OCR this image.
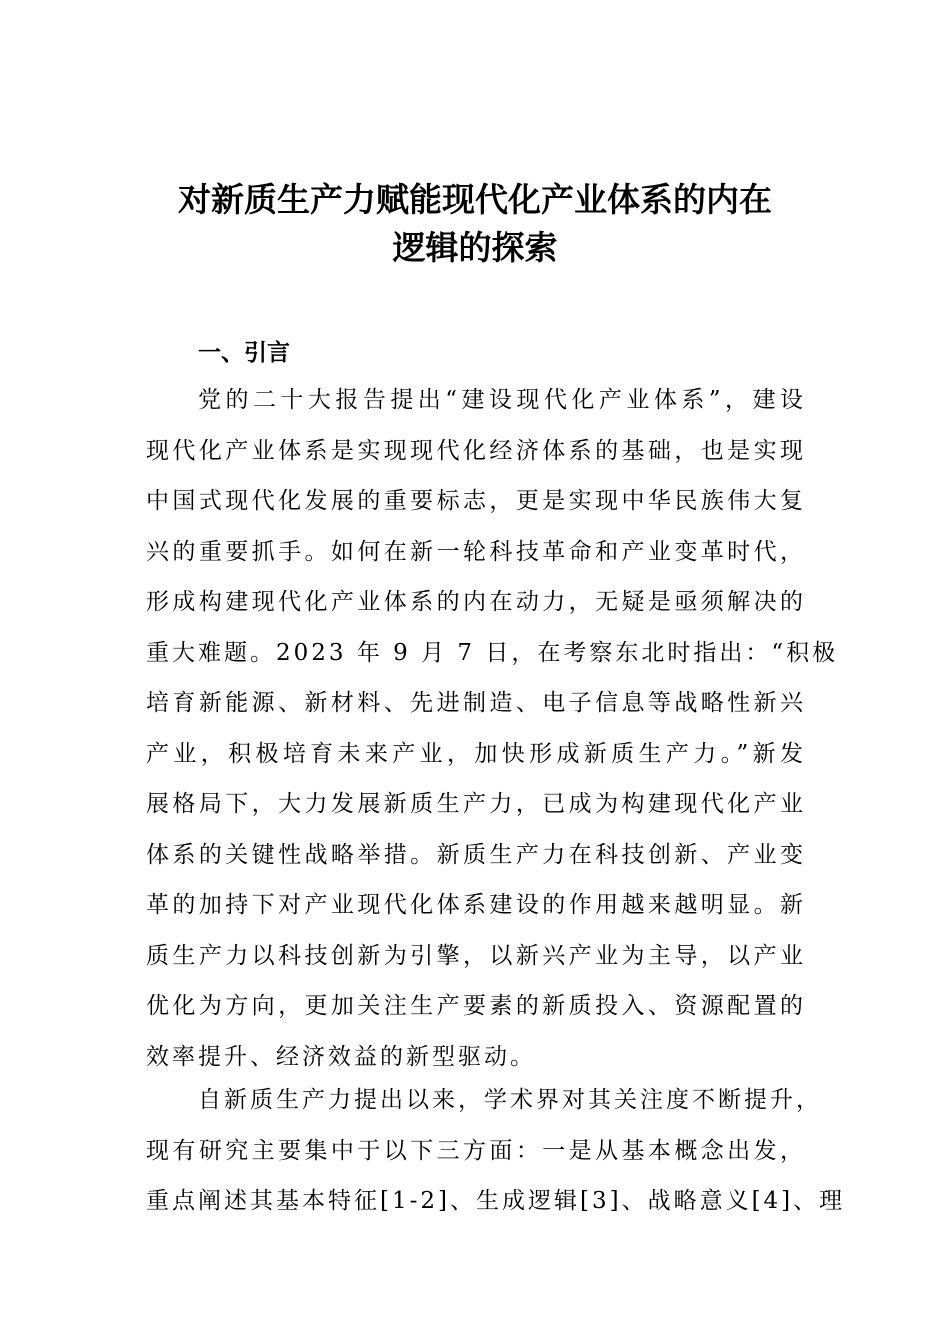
对新质生产力赋能现代化产业体系的内在
逻辑的探索
一、引言
党的二十大报告提出“建设现代化产业体系”，建设
现代化产业体系是实现现代化经济体系的基础，也是实现
中国式现代化发展的重要标志，更是实现中华民族伟大复
兴的重要抓手。如何在新一轮科技革命和产业变革时代，
形成构建现代化产业体系的内在动力，无疑是亟须解决的
重大难题。2023 年 9 月 7 日，在考察东北时指出：“积极
培育新能源、新材料、先进制造、电子信息等战略性新兴
产业，积极培育未来产业，加快形成新质生产力。”新发
展格局下，大力发展新质生产力，已成为构建现代化产业
体系的关键性战略举措。新质生产力在科技创新、产业变
革的加持下对产业现代化体系建设的作用越来越明显。新
质生产力以科技创新为引擎，以新兴产业为主导，以产业
优化为方向，更加关注生产要素的新质投入、资源配置的
效率提升、经济效益的新型驱动。
自新质生产力提出以来，学术界对其关注度不断提升，
现有研究主要集中于以下三方面：一是从基本概念出发，
重点阐述其基本特征[1-2]、生成逻辑[3]、战略意义[4]、理
